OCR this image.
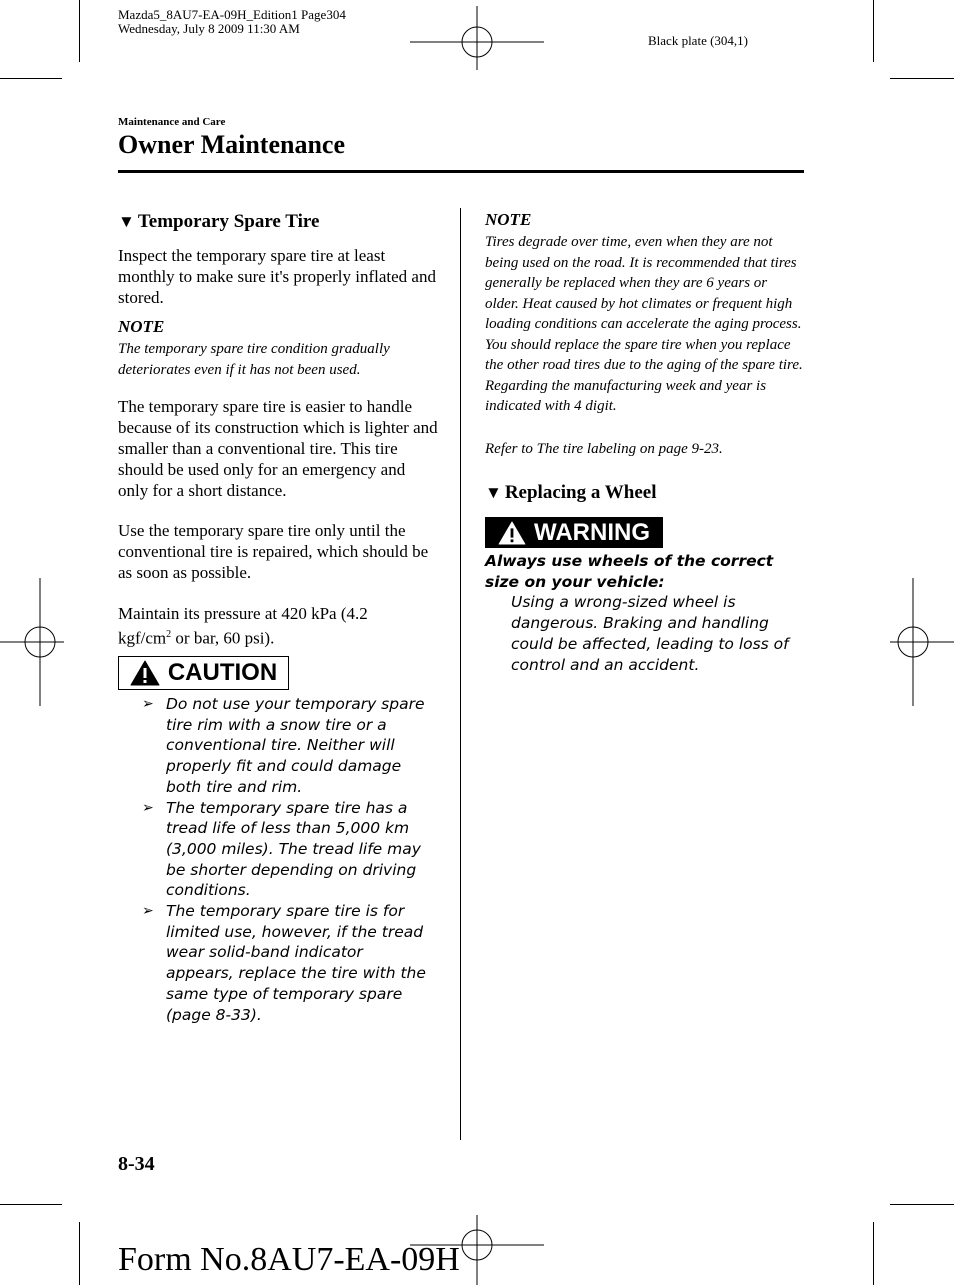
Mazda5_8AU7-EA-09H_Edition1 Page304
Wednesday, July 8 2009 11:30 AM
Black plate (304,1)
Maintenance and Care
Owner Maintenance
▼ Temporary Spare Tire
Inspect the temporary spare tire at least monthly to make sure it's properly inflated and stored.
NOTE
The temporary spare tire condition gradually deteriorates even if it has not been used.
The temporary spare tire is easier to handle because of its construction which is lighter and smaller than a conventional tire. This tire should be used only for an emergency and only for a short distance.
Use the temporary spare tire only until the conventional tire is repaired, which should be as soon as possible.
Maintain its pressure at 420 kPa (4.2 kgf/$cm^2$ or bar, 60 psi).
CAUTION
➢ Do not use your temporary spare tire rim with a snow tire or a conventional tire. Neither will properly fit and could damage both tire and rim.
➢ The temporary spare tire has a tread life of less than 5,000 km (3,000 miles). The tread life may be shorter depending on driving conditions.
➢ The temporary spare tire is for limited use, however, if the tread wear solid-band indicator appears, replace the tire with the same type of temporary spare (page 8-33).
NOTE
Tires degrade over time, even when they are not being used on the road. It is recommended that tires generally be replaced when they are 6 years or older. Heat caused by hot climates or frequent high loading conditions can accelerate the aging process. You should replace the spare tire when you replace the other road tires due to the aging of the spare tire. Regarding the manufacturing week and year is indicated with 4 digit.
Refer to The tire labeling on page 9-23.
▼ Replacing a Wheel
WARNING
Always use wheels of the correct size on your vehicle:
Using a wrong-sized wheel is dangerous. Braking and handling could be affected, leading to loss of control and an accident.
8-34
Form No.8AU7-EA-09H
